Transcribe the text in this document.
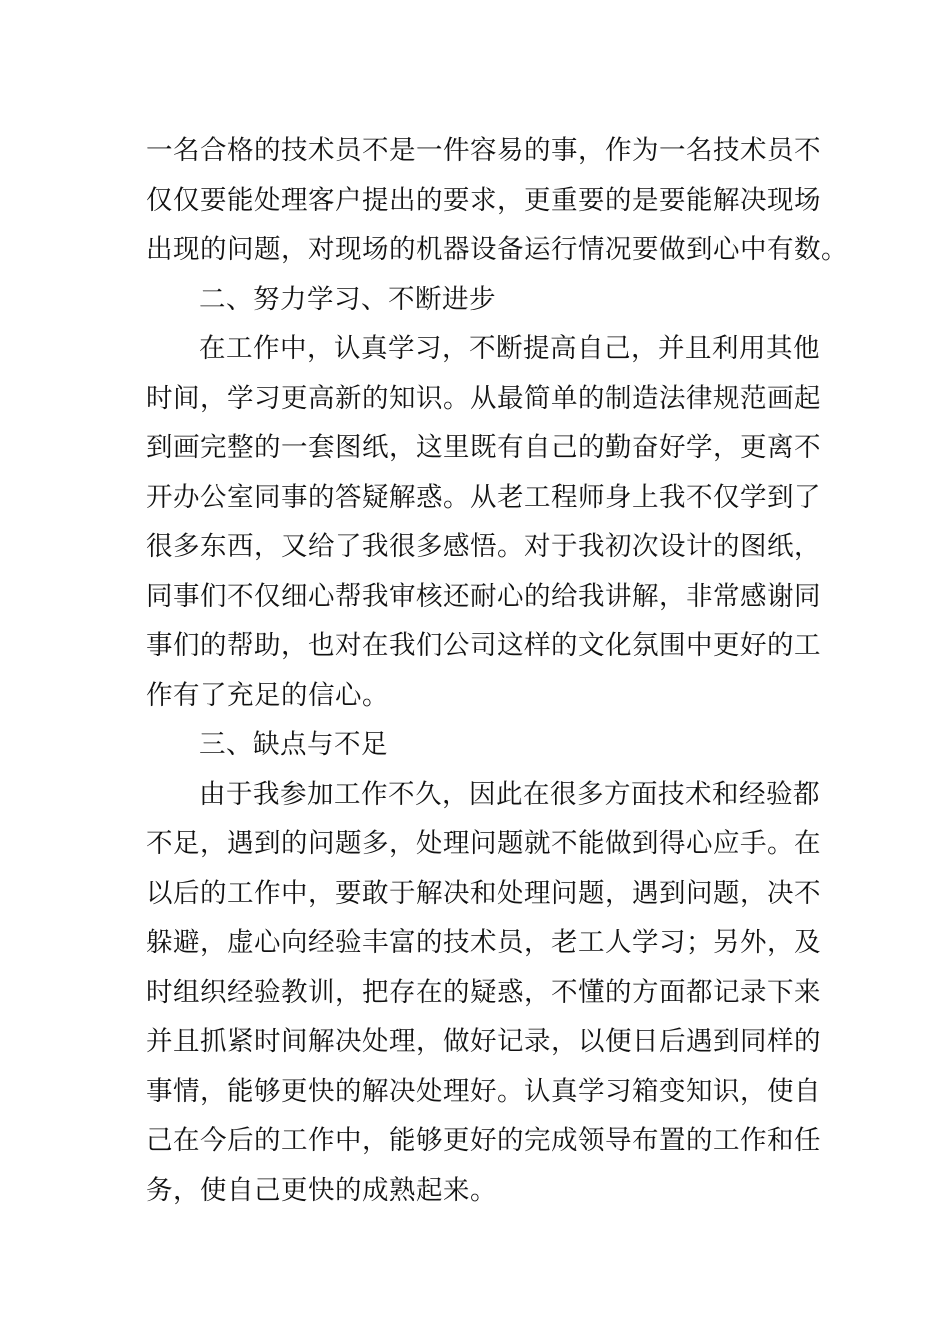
一名合格的技术员不是一件容易的事，作为一名技术员不
仅仅要能处理客户提出的要求，更重要的是要能解决现场
出现的问题，对现场的机器设备运行情况要做到心中有数。
二、努力学习、不断进步
在工作中，认真学习，不断提高自己，并且利用其他
时间，学习更高新的知识。从最简单的制造法律规范画起
到画完整的一套图纸，这里既有自己的勤奋好学，更离不
开办公室同事的答疑解惑。从老工程师身上我不仅学到了
很多东西，又给了我很多感悟。对于我初次设计的图纸，
同事们不仅细心帮我审核还耐心的给我讲解，非常感谢同
事们的帮助，也对在我们公司这样的文化氛围中更好的工
作有了充足的信心。
三、缺点与不足
由于我参加工作不久，因此在很多方面技术和经验都
不足，遇到的问题多，处理问题就不能做到得心应手。在
以后的工作中，要敢于解决和处理问题，遇到问题，决不
躲避，虚心向经验丰富的技术员，老工人学习；另外，及
时组织经验教训，把存在的疑惑，不懂的方面都记录下来
并且抓紧时间解决处理，做好记录，以便日后遇到同样的
事情，能够更快的解决处理好。认真学习箱变知识，使自
己在今后的工作中，能够更好的完成领导布置的工作和任
务，使自己更快的成熟起来。
